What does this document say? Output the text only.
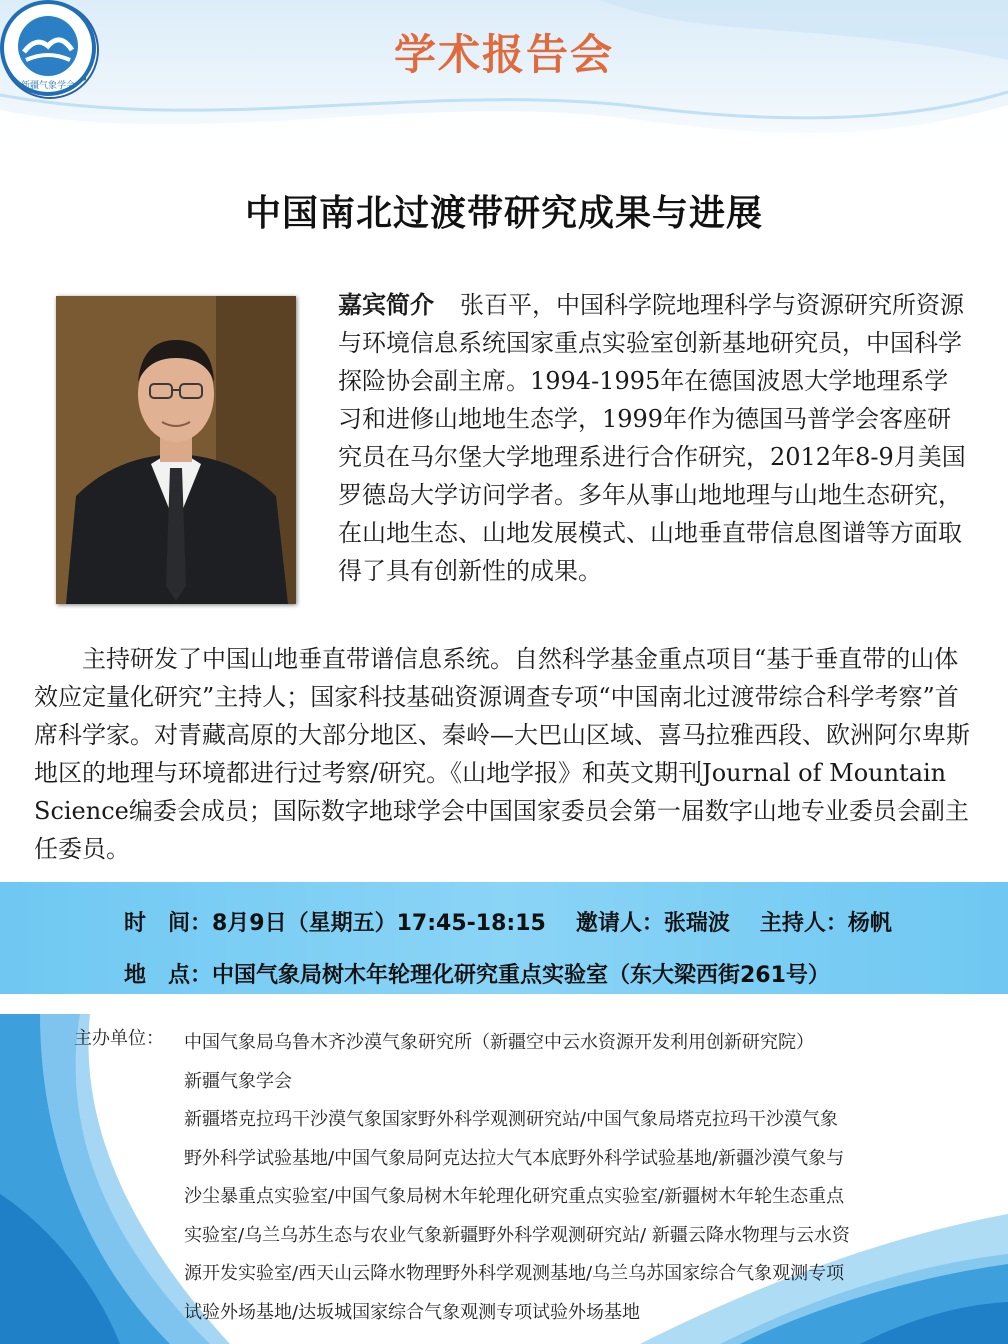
新疆气象学会
学术报告会
中国南北过渡带研究成果与进展
嘉宾简介 张百平，中国科学院地理科学与资源研究所资源与环境信息系统国家重点实验室创新基地研究员，中国科学探险协会副主席。1994-1995年在德国波恩大学地理系学习和进修山地地生态学，1999年作为德国马普学会客座研究员在马尔堡大学地理系进行合作研究，2012年8-9月美国罗德岛大学访问学者。多年从事山地地理与山地生态研究，在山地生态、山地发展模式、山地垂直带信息图谱等方面取得了具有创新性的成果。
主持研发了中国山地垂直带谱信息系统。自然科学基金重点项目“基于垂直带的山体效应定量化研究”主持人；国家科技基础资源调查专项“中国南北过渡带综合科学考察”首席科学家。对青藏高原的大部分地区、秦岭—大巴山区域、喜马拉雅西段、欧洲阿尔卑斯地区的地理与环境都进行过考察/研究。《山地学报》和英文期刊Journal of Mountain Science编委会成员；国际数字地球学会中国国家委员会第一届数字山地专业委员会副主任委员。
时　间：8月9日（星期五）17:45-18:15 邀请人：张瑞波 主持人：杨帆
地　点：中国气象局树木年轮理化研究重点实验室（东大梁西街261号）
主办单位： 中国气象局乌鲁木齐沙漠气象研究所（新疆空中云水资源开发利用创新研究院）
新疆气象学会
新疆塔克拉玛干沙漠气象国家野外科学观测研究站/中国气象局塔克拉玛干沙漠气象
野外科学试验基地/中国气象局阿克达拉大气本底野外科学试验基地/新疆沙漠气象与
沙尘暴重点实验室/中国气象局树木年轮理化研究重点实验室/新疆树木年轮生态重点
实验室/乌兰乌苏生态与农业气象新疆野外科学观测研究站/ 新疆云降水物理与云水资
源开发实验室/西天山云降水物理野外科学观测基地/乌兰乌苏国家综合气象观测专项
试验外场基地/达坂城国家综合气象观测专项试验外场基地
